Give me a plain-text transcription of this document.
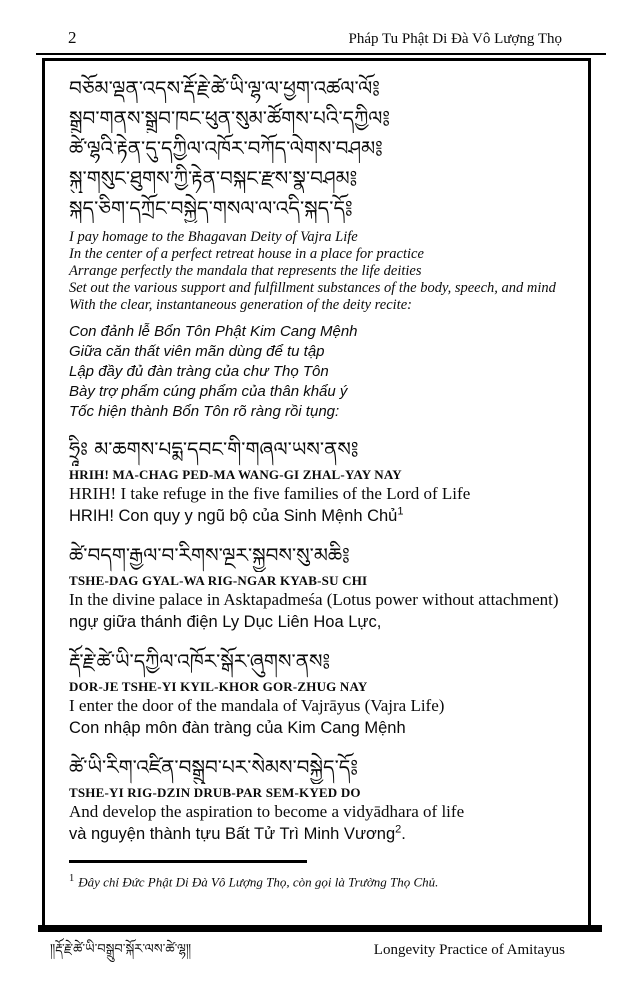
2	Pháp Tu Phật Di Đà Vô Lượng Thọ
བཅོམ་ལྡན་འདས་རྡོ་རྗེ་ཚེ་ཡི་ལྷ་ལ་ཕྱག་འཚལ་ལོ༔
སྒྲུབ་གནས་སྒྲུབ་ཁང་ཕུན་སུམ་ཚོགས་པའི་དཀྱིལ༔
ཚེ་ལྷའི་རྟེན་དུ་དཀྱིལ་འཁོར་བཀོད་ལེགས་བཤམ༔
སྐུ་གསུང་ཐུགས་ཀྱི་རྟེན་བསྐང་རྫས་སྣ་བཤམ༔
སྐད་ཅིག་དཀྲོང་བསྐྱེད་གསལ་ལ་འདི་སྐད་དོ༔
I pay homage to the Bhagavan Deity of Vajra Life
In the center of a perfect retreat house in a place for practice
Arrange perfectly the mandala that represents the life deities
Set out the various support and fulfillment substances of the body, speech, and mind
With the clear, instantaneous generation of the deity recite:
Con đảnh lễ Bổn Tôn Phật Kim Cang Mệnh
Giữa căn thất viên mãn dùng để tu tập
Lập đầy đủ đàn tràng của chư Thọ Tôn
Bày trợ phẩm cúng phẩm của thân khẩu ý
Tốc hiện thành Bổn Tôn rõ ràng rồi tụng:
ཧྲཱིཿ མ་ཆགས་པདྨ་དབང་གི་གཞལ་ཡས་ནས༔
HRIH! MA-CHAG PED-MA WANG-GI ZHAL-YAY NAY
HRIH! I take refuge in the five families of the Lord of Life
HRIH! Con quy y ngũ bộ của Sinh Mệnh Chủ$^1$
ཚེ་བདག་རྒྱལ་བ་རིགས་ལྔར་སྐྱབས་སུ་མཆི༔
TSHE-DAG GYAL-WA RIG-NGAR KYAB-SU CHI
In the divine palace in Asktapadmeśa (Lotus power without attachment)
ngự giữa thánh điện Ly Dục Liên Hoa Lực,
རྡོ་རྗེ་ཚེ་ཡི་དཀྱིལ་འཁོར་སྒོར་ཞུགས་ནས༔
DOR-JE TSHE-YI KYIL-KHOR GOR-ZHUG NAY
I enter the door of the mandala of Vajrāyus (Vajra Life)
Con nhập môn đàn tràng của Kim Cang Mệnh
ཚེ་ཡི་རིག་འཛིན་བསྒྲུབ་པར་སེམས་བསྐྱེད་དོ༔
TSHE-YI RIG-DZIN DRUB-PAR SEM-KYED DO
And develop the aspiration to become a vidyādhara of life
và nguyện thành tựu Bất Tử Trì Minh Vương$^2$.
$^1$ Đây chỉ Đức Phật Di Đà Vô Lượng Thọ, còn gọi là Trường Thọ Chủ.
༎རྡོ་རྗེ་ཚེ་ཡི་བསྒྲུབ་སྐོར་ལས་ཚེ་ལྷ༎	Longevity Practice of Amitayus
